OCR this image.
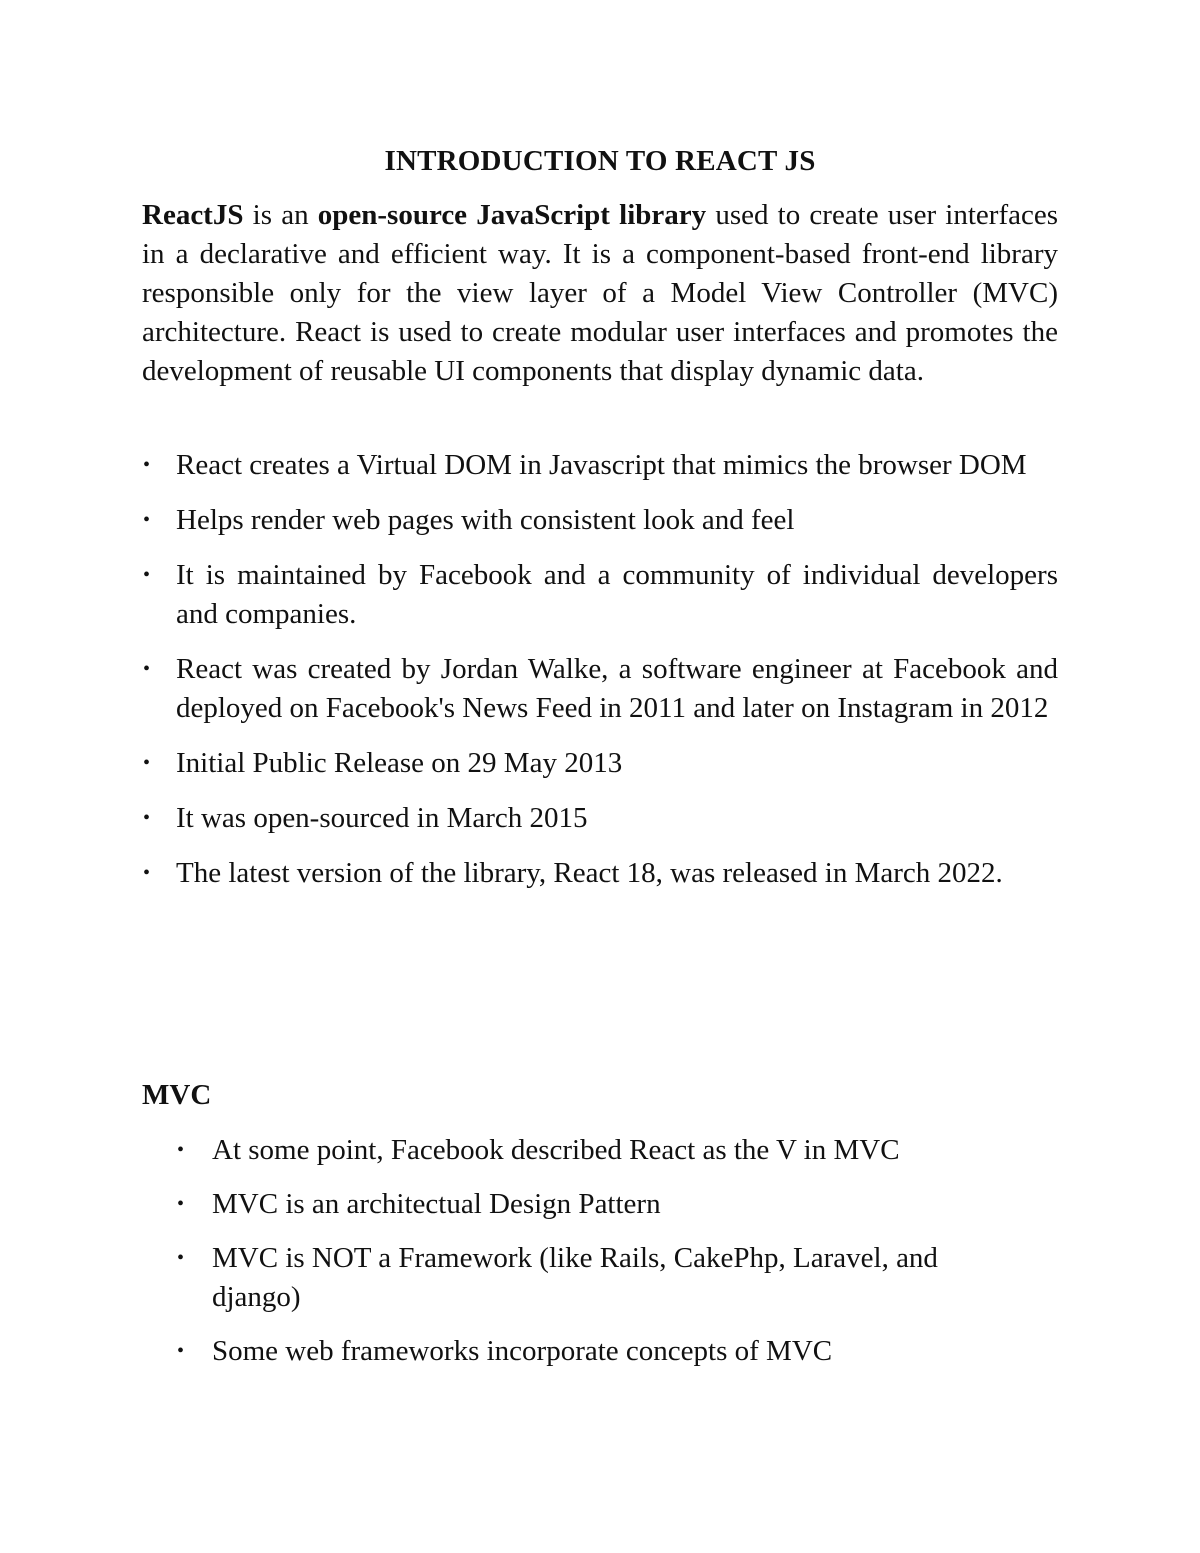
INTRODUCTION TO REACT JS

ReactJS is an open-source JavaScript library used to create user interfaces in a declarative and efficient way. It is a component-based front-end library responsible only for the view layer of a Model View Controller (MVC) architecture. React is used to create modular user interfaces and promotes the development of reusable UI components that display dynamic data.

• React creates a Virtual DOM in Javascript that mimics the browser DOM
• Helps render web pages with consistent look and feel
• It is maintained by Facebook and a community of individual developers and companies.
• React was created by Jordan Walke, a software engineer at Facebook and deployed on Facebook's News Feed in 2011 and later on Instagram in 2012
• Initial Public Release on 29 May 2013
• It was open-sourced in March 2015
• The latest version of the library, React 18, was released in March 2022.
MVC
• At some point, Facebook described React as the V in MVC
• MVC is an architectual Design Pattern
• MVC is NOT a Framework (like Rails, CakePhp, Laravel, and django)
• Some web frameworks incorporate concepts of MVC
